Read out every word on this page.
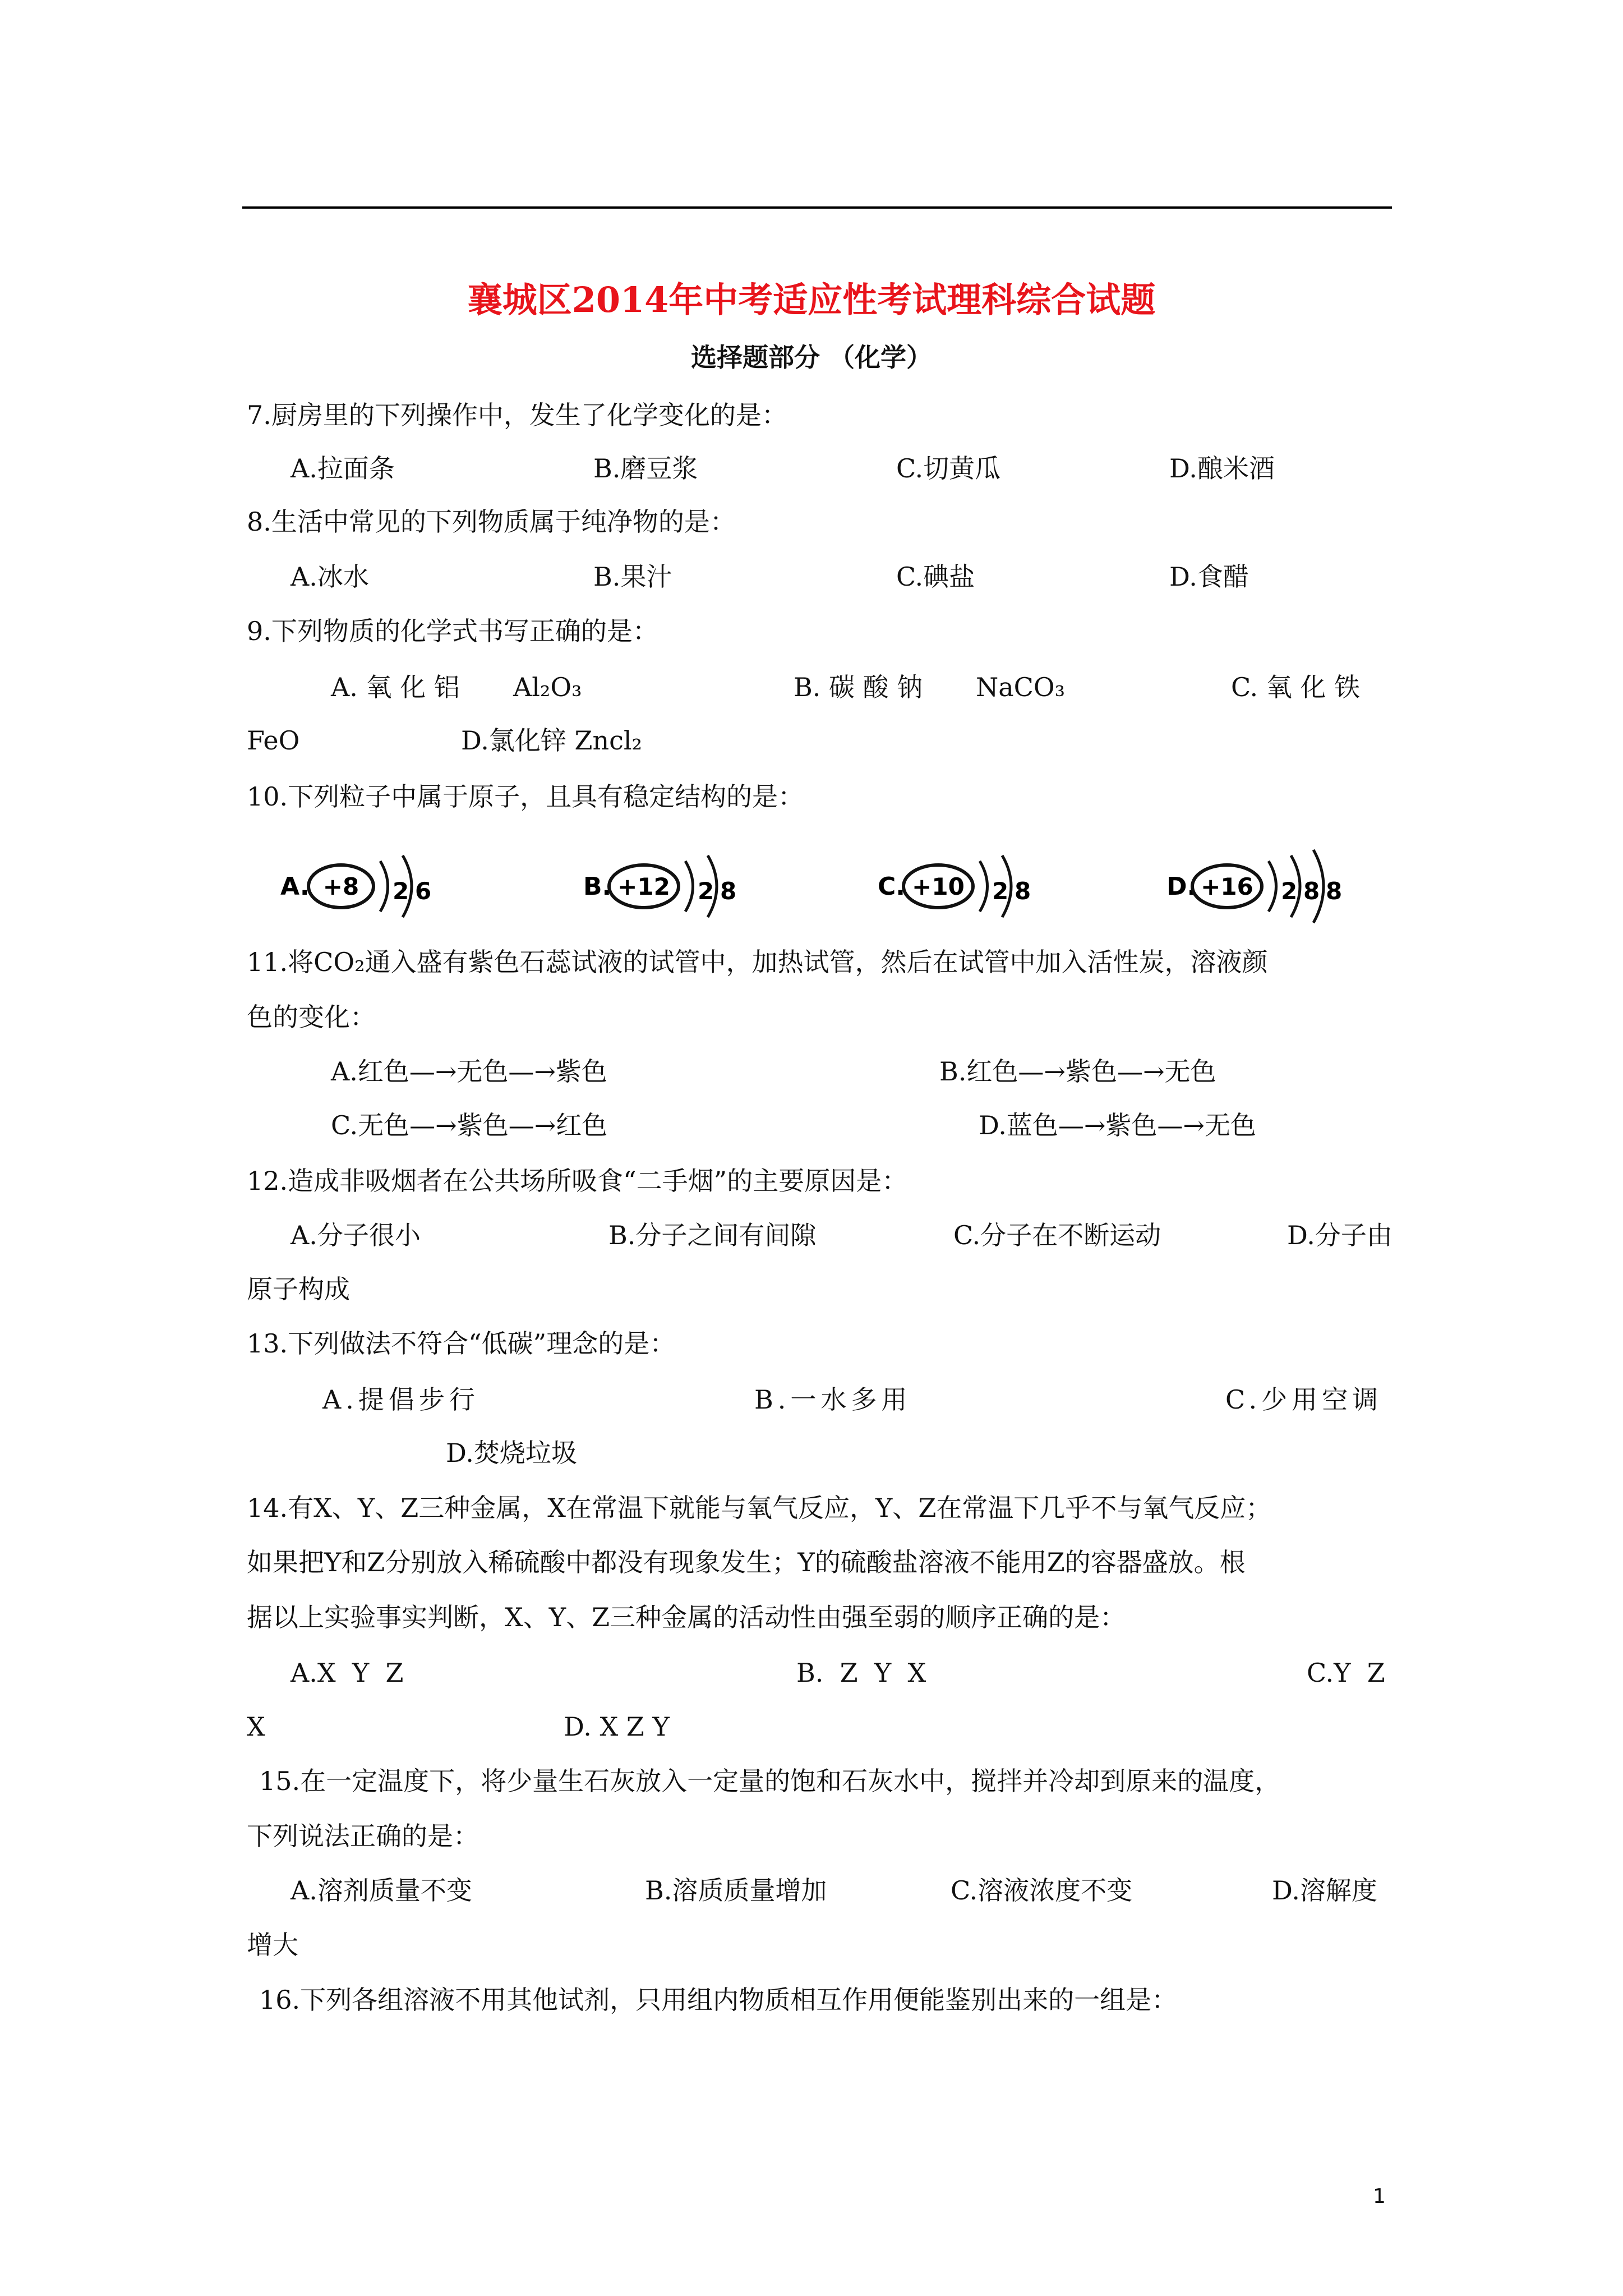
襄城区2014年中考适应性考试理科综合试题
选择题部分 （化学）
7.厨房里的下列操作中，发生了化学变化的是：
A.拉面条	B.磨豆浆	C.切黄瓜	D.酿米酒
8.生活中常见的下列物质属于纯净物的是：
A.冰水	B.果汁	C.碘盐	D.食醋
9.下列物质的化学式书写正确的是：
A. 氧 化 铝 Al₂O₃	B. 碳 酸 钠 NaCO₃	C. 氧 化 铁
FeO	D.氯化锌 Zncl₂
10.下列粒子中属于原子，且具有稳定结构的是：
A. +8 2 6	B. +12 2 8	C. +10 2 8	D. +16 2 8 8
11.将CO₂通入盛有紫色石蕊试液的试管中，加热试管，然后在试管中加入活性炭，溶液颜
色的变化：
A.红色—→无色—→紫色	B.红色—→紫色—→无色
C.无色—→紫色—→红色	D.蓝色—→紫色—→无色
12.造成非吸烟者在公共场所吸食“二手烟”的主要原因是：
A.分子很小	B.分子之间有间隙	C.分子在不断运动	D.分子由
原子构成
13.下列做法不符合“低碳”理念的是：
A.提倡步行	B.一水多用	C.少用空调
D.焚烧垃圾
14.有X、Y、Z三种金属，X在常温下就能与氧气反应，Y、Z在常温下几乎不与氧气反应；
如果把Y和Z分别放入稀硫酸中都没有现象发生；Y的硫酸盐溶液不能用Z的容器盛放。根
据以上实验事实判断，X、Y、Z三种金属的活动性由强至弱的顺序正确的是：
A.X  Y  Z	B.  Z  Y  X	C.Y  Z
X	D. X Z Y
15.在一定温度下，将少量生石灰放入一定量的饱和石灰水中，搅拌并冷却到原来的温度，
下列说法正确的是：
A.溶剂质量不变	B.溶质质量增加	C.溶液浓度不变	D.溶解度
增大
16.下列各组溶液不用其他试剂，只用组内物质相互作用便能鉴别出来的一组是：
1
